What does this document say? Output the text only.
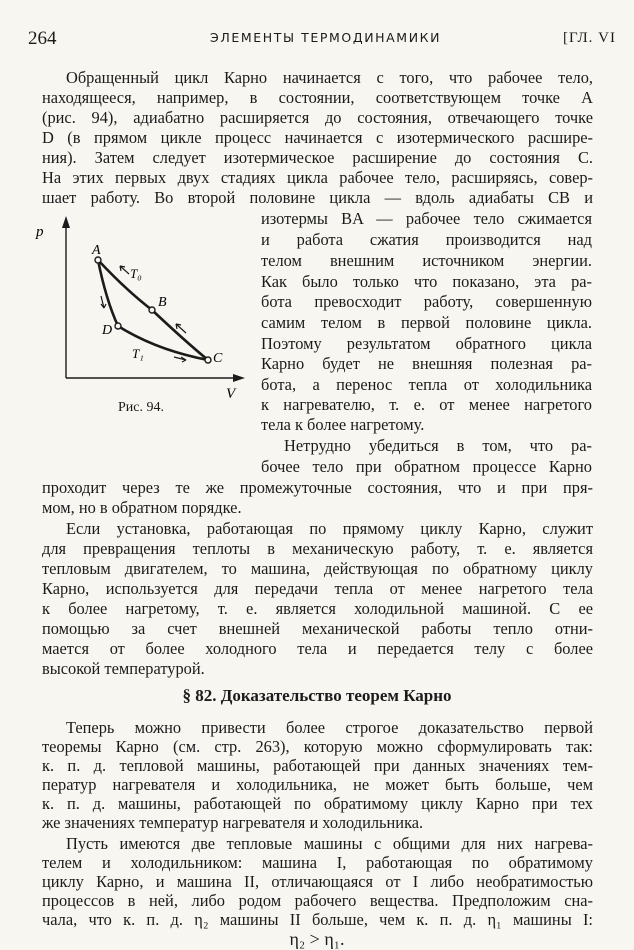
264	ЭЛЕМЕНТЫ ТЕРМОДИНАМИКИ	[ГЛ. VI
Обращенный цикл Карно начинается с того, что рабочее тело,
находящееся, например, в состоянии, соответствующем точке A
(рис. 94), адиабатно расширяется до состояния, отвечающего точке
D (в прямом цикле процесс начинается с изотермического расшире-
ния). Затем следует изотермическое расширение до состояния C.
На этих первых двух стадиях цикла рабочее тело, расширяясь, совер-
шает работу. Во второй половине цикла — вдоль адиабаты CB и
изотермы BA — рабочее тело сжимается
и работа сжатия производится над
телом внешним источником энергии.
Как было только что показано, эта ра-
бота превосходит работу, совершенную
самим телом в первой половине цикла.
Поэтому результатом обратного цикла
Карно будет не внешняя полезная ра-
бота, а перенос тепла от холодильника
к нагревателю, т. е. от менее нагретого
тела к более нагретому.
Нетрудно убедиться в том, что ра-
бочее тело при обратном процессе Карно
проходит через те же промежуточные состояния, что и при пря-
мом, но в обратном порядке.
p
V
A
B
C
D
T₀
T₁
Рис. 94.
Если установка, работающая по прямому циклу Карно, служит
для превращения теплоты в механическую работу, т. е. является
тепловым двигателем, то машина, действующая по обратному циклу
Карно, используется для передачи тепла от менее нагретого тела
к более нагретому, т. е. является холодильной машиной. С ее
помощью за счет внешней механической работы тепло отни-
мается от более холодного тела и передается телу с более
высокой температурой.
§ 82. Доказательство теорем Карно
Теперь можно привести более строгое доказательство первой
теоремы Карно (см. стр. 263), которую можно сформулировать так:
к. п. д. тепловой машины, работающей при данных значениях тем-
ператур нагревателя и холодильника, не может быть больше, чем
к. п. д. машины, работающей по обратимому циклу Карно при тех
же значениях температур нагревателя и холодильника.
Пусть имеются две тепловые машины с общими для них нагрева-
телем и холодильником: машина I, работающая по обратимому
циклу Карно, и машина II, отличающаяся от I либо необратимостью
процессов в ней, либо родом рабочего вещества. Предположим сна-
чала, что к. п. д. η₂ машины II больше, чем к. п. д. η₁ машины I:
η₂ > η₁.
